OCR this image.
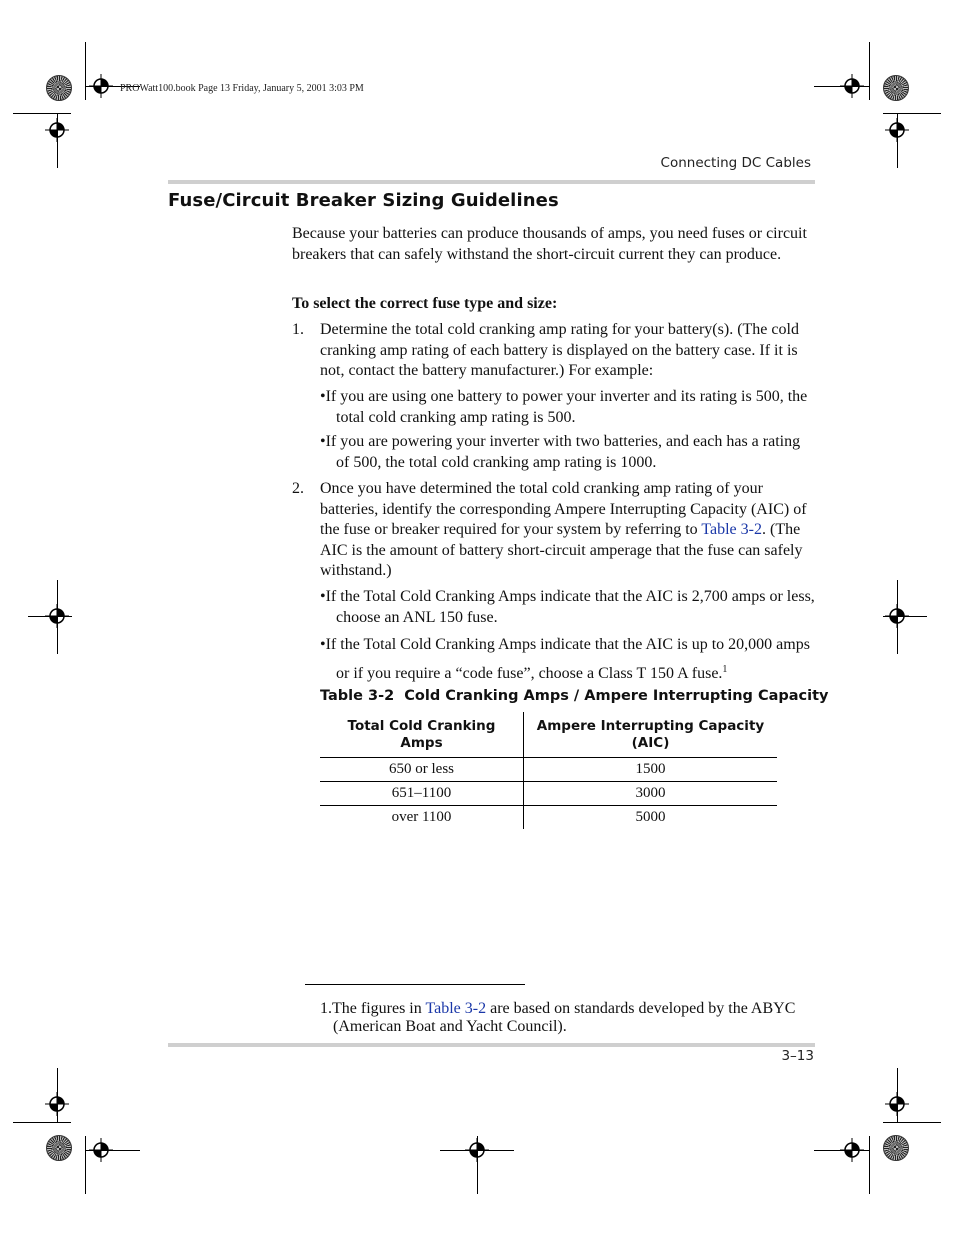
PROWatt100.book Page 13 Friday, January 5, 2001 3:03 PM
Connecting DC Cables
Fuse/Circuit Breaker Sizing Guidelines
Because your batteries can produce thousands of amps, you need fuses or circuit breakers that can safely withstand the short-circuit current they can produce.
To select the correct fuse type and size:
1. Determine the total cold cranking amp rating for your battery(s). (The cold cranking amp rating of each battery is displayed on the battery case. If it is not, contact the battery manufacturer.) For example:
•If you are using one battery to power your inverter and its rating is 500, the total cold cranking amp rating is 500.
•If you are powering your inverter with two batteries, and each has a rating of 500, the total cold cranking amp rating is 1000.
2. Once you have determined the total cold cranking amp rating of your batteries, identify the corresponding Ampere Interrupting Capacity (AIC) of the fuse or breaker required for your system by referring to Table 3-2. (The AIC is the amount of battery short-circuit amperage that the fuse can safely withstand.)
•If the Total Cold Cranking Amps indicate that the AIC is 2,700 amps or less, choose an ANL 150 fuse.
•If the Total Cold Cranking Amps indicate that the AIC is up to 20,000 amps or if you require a “code fuse”, choose a Class T 150 A fuse.$^1$
Table 3-2 Cold Cranking Amps / Ampere Interrupting Capacity
Total Cold Cranking Amps	Ampere Interrupting Capacity (AIC)
650 or less	1500
651–1100	3000
over 1100	5000
1.The figures in Table 3-2 are based on standards developed by the ABYC (American Boat and Yacht Council).
3–13
